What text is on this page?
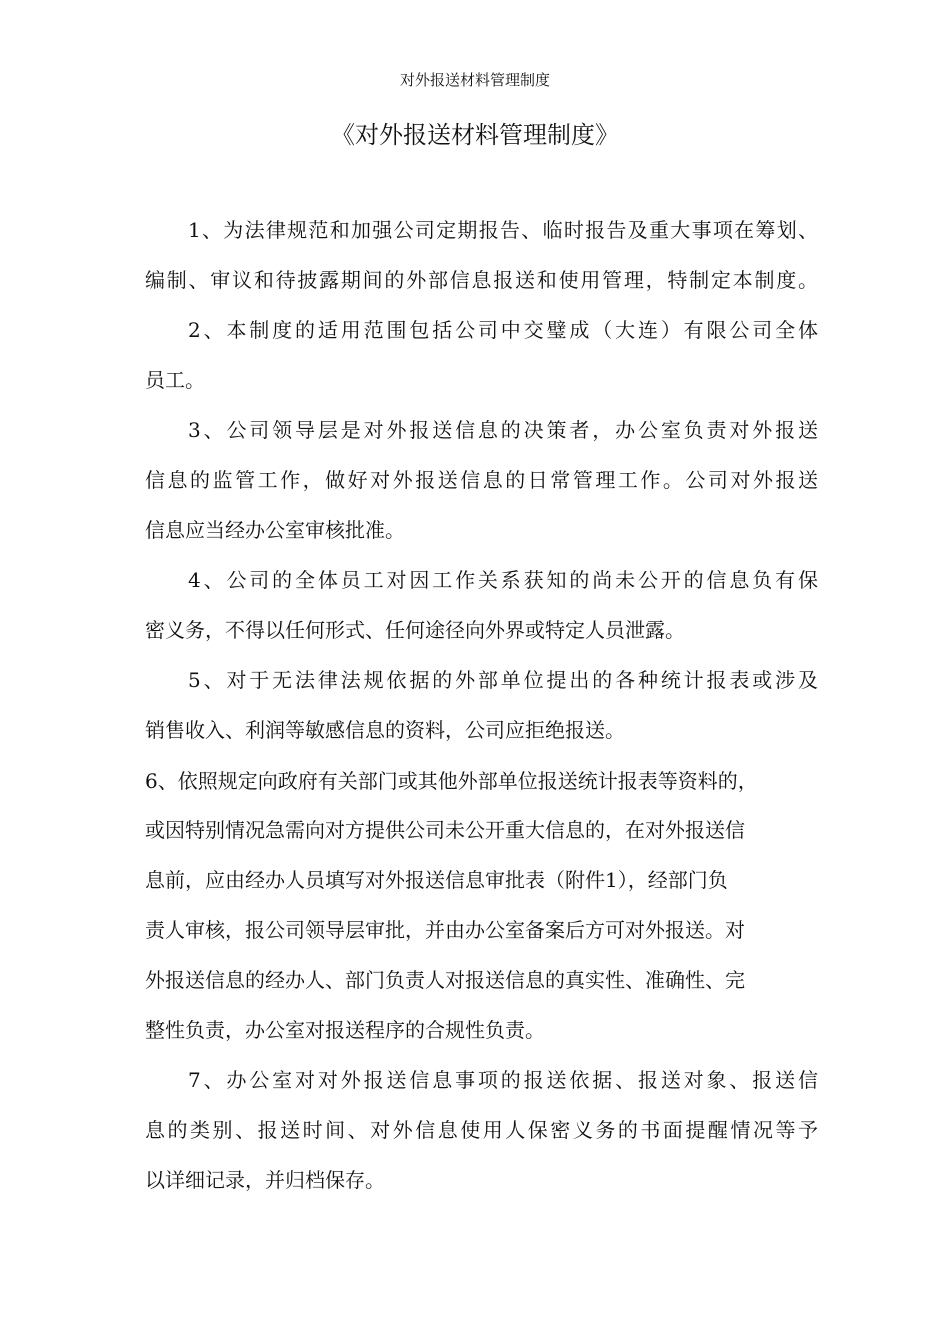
对外报送材料管理制度
《对外报送材料管理制度》
1、为法律规范和加强公司定期报告、临时报告及重大事项在筹划、
编制、审议和待披露期间的外部信息报送和使用管理，特制定本制度。
2、本制度的适用范围包括公司中交璧成（大连）有限公司全体
员工。
3、公司领导层是对外报送信息的决策者，办公室负责对外报送
信息的监管工作，做好对外报送信息的日常管理工作。公司对外报送
信息应当经办公室审核批准。
4、公司的全体员工对因工作关系获知的尚未公开的信息负有保
密义务，不得以任何形式、任何途径向外界或特定人员泄露。
5、对于无法律法规依据的外部单位提出的各种统计报表或涉及
销售收入、利润等敏感信息的资料，公司应拒绝报送。
6、依照规定向政府有关部门或其他外部单位报送统计报表等资料的，
或因特别情况急需向对方提供公司未公开重大信息的，在对外报送信
息前，应由经办人员填写对外报送信息审批表（附件1），经部门负
责人审核，报公司领导层审批，并由办公室备案后方可对外报送。对
外报送信息的经办人、部门负责人对报送信息的真实性、准确性、完
整性负责，办公室对报送程序的合规性负责。
7、办公室对对外报送信息事项的报送依据、报送对象、报送信
息的类别、报送时间、对外信息使用人保密义务的书面提醒情况等予
以详细记录，并归档保存。
